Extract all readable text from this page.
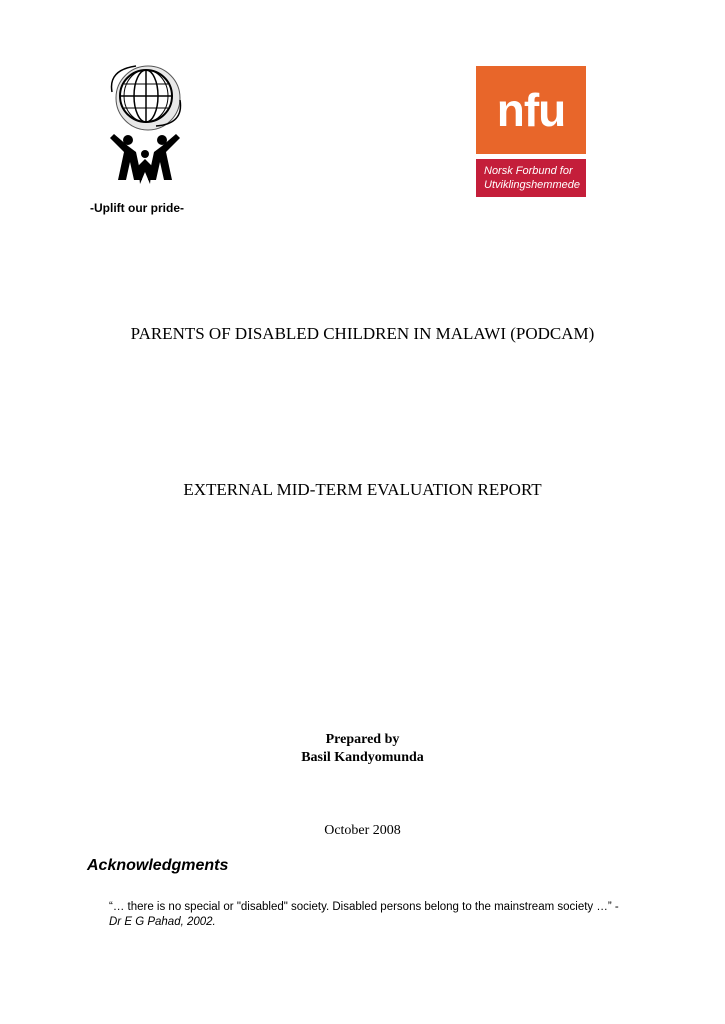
-Uplift our pride-
nfu
Norsk Forbund for
Utviklingshemmede
PARENTS OF DISABLED CHILDREN IN MALAWI (PODCAM)
EXTERNAL MID-TERM EVALUATION REPORT
Prepared by
Basil Kandyomunda
October 2008
Acknowledgments
“… there is no special or "disabled" society. Disabled persons belong to the mainstream society …” -
Dr E G Pahad, 2002.
